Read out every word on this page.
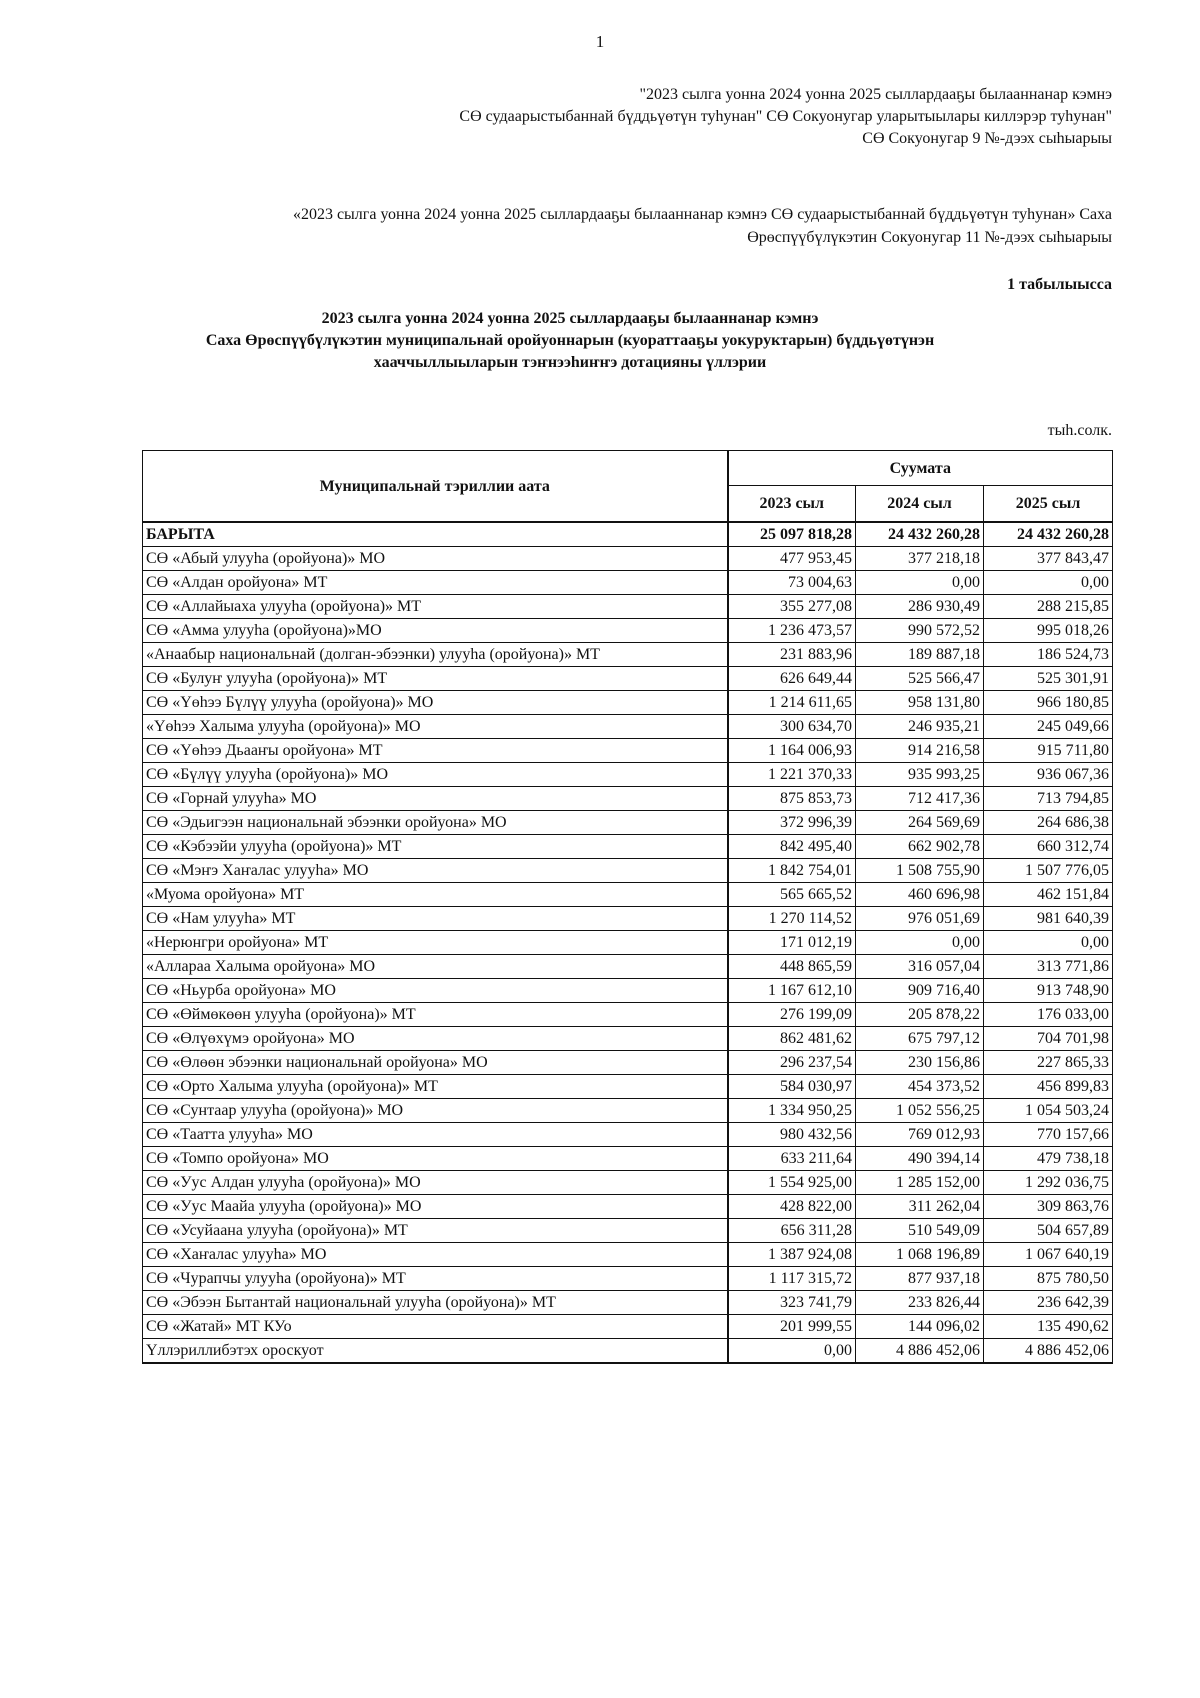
1
"2023 сылга уонна 2024 уонна 2025 сыллардааҕы былааннанар кэмнэ
СӨ судаарыстыбаннай бүддьүөтүн туһунан" СӨ Сокуонугар уларытыылары киллэрэр туһунан"
СӨ Сокуонугар 9 №-дээх сыһыарыы
«2023 сылга уонна 2024 уонна 2025 сыллардааҕы былааннанар кэмнэ СӨ судаарыстыбаннай бүддьүөтүн туһунан» Саха
Өрөспүүбүлүкэтин Сокуонугар 11 №-дээх сыһыарыы
1 табылыысса
2023 сылга уонна 2024 уонна 2025 сыллардааҕы былааннанар кэмнэ
Саха Өрөспүүбүлүкэтин муниципальнай оройуоннарын (куораттааҕы уокуруктарын) бүддьүөтүнэн
хааччыллыыларын тэҥнээһиҥҥэ дотацияны үллэрии
тыһ.солк.
Муниципальнай тэриллии аата	Суумата		
	2023 сыл	2024 сыл	2025 сыл
БАРЫТА	25 097 818,28	24 432 260,28	24 432 260,28
СӨ «Абый улууһа (оройуона)» МО	477 953,45	377 218,18	377 843,47
СӨ «Алдан оройуона» МТ	73 004,63	0,00	0,00
СӨ «Аллайыаха улууһа (оройуона)» МТ	355 277,08	286 930,49	288 215,85
СӨ «Амма улууһа (оройуона)»МО	1 236 473,57	990 572,52	995 018,26
«Анаабыр национальнай (долган-эбээнки) улууһа (оройуона)» МТ	231 883,96	189 887,18	186 524,73
СӨ «Булуҥ улууһа (оройуона)» МТ	626 649,44	525 566,47	525 301,91
СӨ «Үөһээ Бүлүү улууһа (оройуона)» МО	1 214 611,65	958 131,80	966 180,85
«Үөһээ Халыма улууһа (оройуона)» МО	300 634,70	246 935,21	245 049,66
СӨ «Үөһээ Дьааҥы оройуона» МТ	1 164 006,93	914 216,58	915 711,80
СӨ «Бүлүү улууһа (оройуона)» МО	1 221 370,33	935 993,25	936 067,36
СӨ «Горнай улууһа» МО	875 853,73	712 417,36	713 794,85
СӨ «Эдьигээн национальнай эбээнки оройуона» МО	372 996,39	264 569,69	264 686,38
СӨ «Кэбээйи улууһа (оройуона)» МТ	842 495,40	662 902,78	660 312,74
СӨ «Мэҥэ Хаҥалас улууһа» МО	1 842 754,01	1 508 755,90	1 507 776,05
«Муома оройуона» МТ	565 665,52	460 696,98	462 151,84
СӨ «Нам улууһа» МТ	1 270 114,52	976 051,69	981 640,39
«Нерюнгри оройуона» МТ	171 012,19	0,00	0,00
«Аллараа Халыма оройуона» МО	448 865,59	316 057,04	313 771,86
СӨ «Ньурба оройуона» МО	1 167 612,10	909 716,40	913 748,90
СӨ «Өймөкөөн улууһа (оройуона)» МТ	276 199,09	205 878,22	176 033,00
СӨ «Өлүөхүмэ оройуона» МО	862 481,62	675 797,12	704 701,98
СӨ «Өлөөн эбээнки национальнай оройуона» МО	296 237,54	230 156,86	227 865,33
СӨ «Орто Халыма улууһа (оройуона)» МТ	584 030,97	454 373,52	456 899,83
СӨ «Сунтаар улууһа (оройуона)» МО	1 334 950,25	1 052 556,25	1 054 503,24
СӨ «Таатта улууһа» МО	980 432,56	769 012,93	770 157,66
СӨ «Томпо оройуона» МО	633 211,64	490 394,14	479 738,18
СӨ «Уус Алдан улууһа (оройуона)» МО	1 554 925,00	1 285 152,00	1 292 036,75
СӨ «Уус Маайа улууһа (оройуона)» МО	428 822,00	311 262,04	309 863,76
СӨ «Усуйаана улууһа (оройуона)» МТ	656 311,28	510 549,09	504 657,89
СӨ «Хаҥалас улууһа» МО	1 387 924,08	1 068 196,89	1 067 640,19
СӨ «Чурапчы улууһа (оройуона)» МТ	1 117 315,72	877 937,18	875 780,50
СӨ «Эбээн Бытантай национальнай улууһа (оройуона)» МТ	323 741,79	233 826,44	236 642,39
СӨ «Жатай» МТ КУо	201 999,55	144 096,02	135 490,62
Үллэриллибэтэх ороскуот	0,00	4 886 452,06	4 886 452,06
